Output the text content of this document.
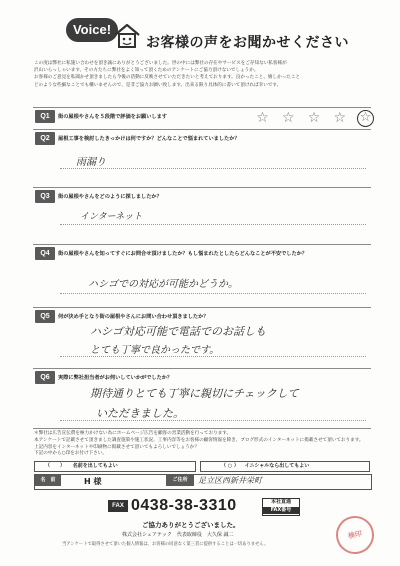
Voice!
お客様の声をお聞かせください

この度は弊社に私施い合わせを頂き誠にありがとうございました。世の中には弊社の存在やサービスをご存知ない私客様が

沢山いらっしゃいます。その方たちに弊社をよく知って頂くためのアンケートにご協力頂けないでしょうか。

お客様のご意見を私聞かせ頂きましたら今後の活動に反映させていただきたいと考えております。良かったこと、嬉しかったこと

どのような些細なことでも構いませんので、是非ご協力お願い致します。出来る限り具体的に書いて頂ければ幸いです。

Q1	街の屋根やさんを５段階で評価をお願いします	☆ ☆ ☆ ☆ ☆
Q2	屋根工事を検討したきっかけは何ですか？どんなことで悩まれていましたか？
雨漏り
Q3	街の屋根やさんをどのように探しましたか？
インターネット
Q4	街の屋根やさんを知ってすぐにお問合せ頂けましたか？もし悩まれたとしたらどんなことが不安でしたか？
ハシゴでの対応が可能かどうか。
Q5	何が決め手となり街の屋根やさんにお問い合わせ頂きましたか？
ハシゴ対応可能で電話でのお話しも
とても丁寧で良かったです。
Q6	実際に弊社担当者がお伺いしていかがでしたか？
期待通りとても丁寧に親切にチェックして
いただきました。

＊弊社は広告宣伝費を極力かけない為にホームページ広告を顧客の営業活動を行っております。

本アンケートで記載させて頂きました調査施策や施工状況、工事内容等をお客様の顧客情報を除き、ブログ形式のインターネットに掲載させて頂いております。

上記内容をインターネットや印刷物に掲載させて頂いてもよろしいでしょうか？

下記の中から○印をお付け下さい。

（　　） 名前を出してもよい	（ ○ ） イニシャルなら出してもよい
名　前	H 様	ご住所	足立区西新井栄町
FAX 0438-38-3310	本社直通
FAX番号
ご協力ありがとうございました。
株式会社シェアテック　代表取締役　大久保 誠二
当アンケートで取得させて頂いた個人情報は、お客様の同意なく第三者に提供することは一切ありません。
検印
